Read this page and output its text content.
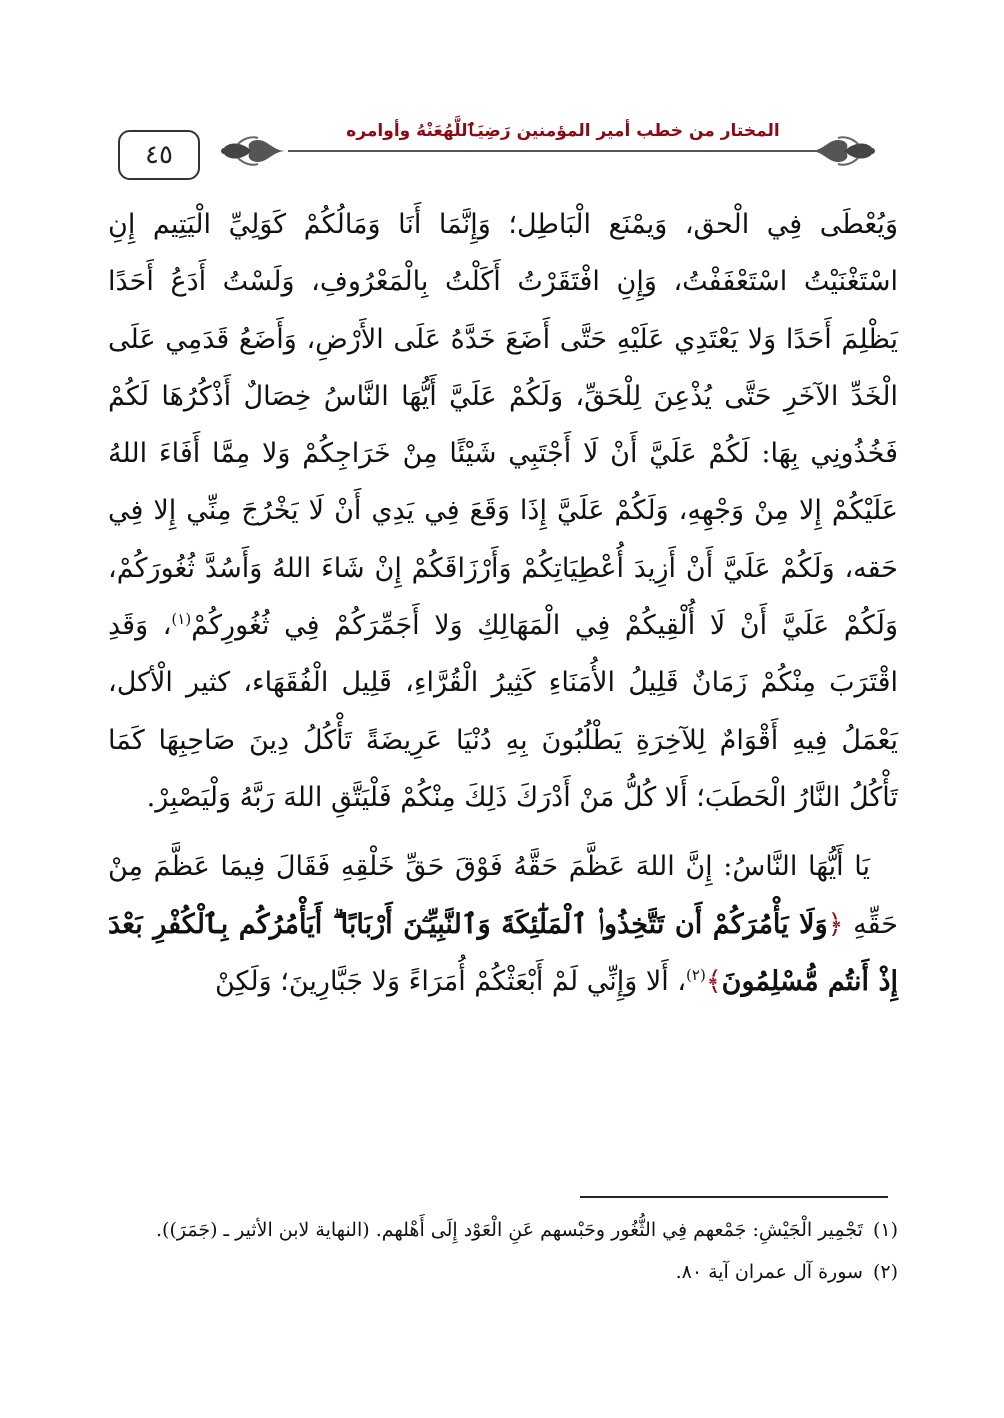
٤٥
المختار من خطب أمير المؤمنين رَضِيَٱللَّهُعَنْهُ وأوامره

وَيُعْطَى فِي الْحق، وَيمْنَع الْبَاطِل؛ وَإِنَّمَا أَنَا وَمَالُكُمْ كَوَلِيِّ الْيَتِيم إِنِ اسْتَغْنَيْتُ اسْتَعْفَفْتُ، وَإِنِ افْتَقَرْتُ أَكَلْتُ بِالْمَعْرُوفِ، وَلَسْتُ أَدَعُ أَحَدًا يَظْلِمَ أَحَدًا وَلا يَعْتَدِي عَلَيْهِ حَتَّى أَضَعَ خَدَّهُ عَلَى الأَرْضِ، وَأَضَعُ قَدَمِي عَلَى الْخَدِّ الآخَرِ حَتَّى يُذْعِنَ لِلْحَقِّ، وَلَكُمْ عَلَيَّ أَيُّهَا النَّاسُ خِصَالٌ أَذْكُرُهَا لَكُمْ فَخُذُونِي بِهَا: لَكُمْ عَلَيَّ أَنْ لَا أَجْتَبِي شَيْئًا مِنْ خَرَاجِكُمْ وَلا مِمَّا أَفَاءَ اللهُ عَلَيْكُمْ إِلا مِنْ وَجْهِهِ، وَلَكُمْ عَلَيَّ إِذَا وَقَعَ فِي يَدِي أَنْ لَا يَخْرُجَ مِنِّي إِلا فِي حَقه، وَلَكُمْ عَلَيَّ أَنْ أَزِيدَ أُعْطِيَاتِكُمْ وَأَرْزَاقَكُمْ إِنْ شَاءَ اللهُ وَأَسُدَّ ثُغُورَكُمْ، وَلَكُمْ عَلَيَّ أَنْ لَا أُلْقِيكُمْ فِي الْمَهَالِكِ وَلا أَجَمِّرَكُمْ فِي ثُغُورِكُمْ$^{(١)}$، وَقَدِ اقْتَرَبَ مِنْكُمْ زَمَانٌ قَلِيلُ الأُمَنَاءِ كَثِيرُ الْقُرَّاءِ، قَلِيل الْفُقَهَاء، كثير الْأكل، يَعْمَلُ فِيهِ أَقْوَامٌ لِلآخِرَةِ يَطْلُبُونَ بِهِ دُنْيَا عَرِيضَةً تَأْكُلُ دِينَ صَاحِبِهَا كَمَا تَأْكُلُ النَّارُ الْحَطَبَ؛ أَلا كُلُّ مَنْ أَدْرَكَ ذَلِكَ مِنْكُمْ فَلْيَتَّقِ اللهَ رَبَّهُ وَلْيَصْبِرْ.

يَا أَيُّهَا النَّاسُ: إِنَّ اللهَ عَظَّمَ حَقَّهُ فَوْقَ حَقِّ خَلْقِهِ فَقَالَ فِيمَا عَظَّمَ مِنْ حَقِّهِ ﴿وَلَا يَأْمُرَكُمْ أَن تَتَّخِذُوا۟ ٱلْمَلَٰٓئِكَةَ وَٱلنَّبِيِّـۧنَ أَرْبَابًا ۗ أَيَأْمُرُكُم بِٱلْكُفْرِ بَعْدَ إِذْ أَنتُم مُّسْلِمُونَ﴾$^{(٢)}$، أَلا وَإِنِّي لَمْ أَبْعَثْكُمْ أُمَرَاءً وَلا جَبَّارِينَ؛ وَلَكِنْ

(١)تَجْمِير الْجَيْشِ: جَمْعهم فِي الثُّغُور وحَبْسهم عَنِ الْعَوْد إِلَى أَهْلهم. (النهاية لابن الأثير ـ (جَمَرَ)).

(٢)سورة آل عمران آية ٨٠.
